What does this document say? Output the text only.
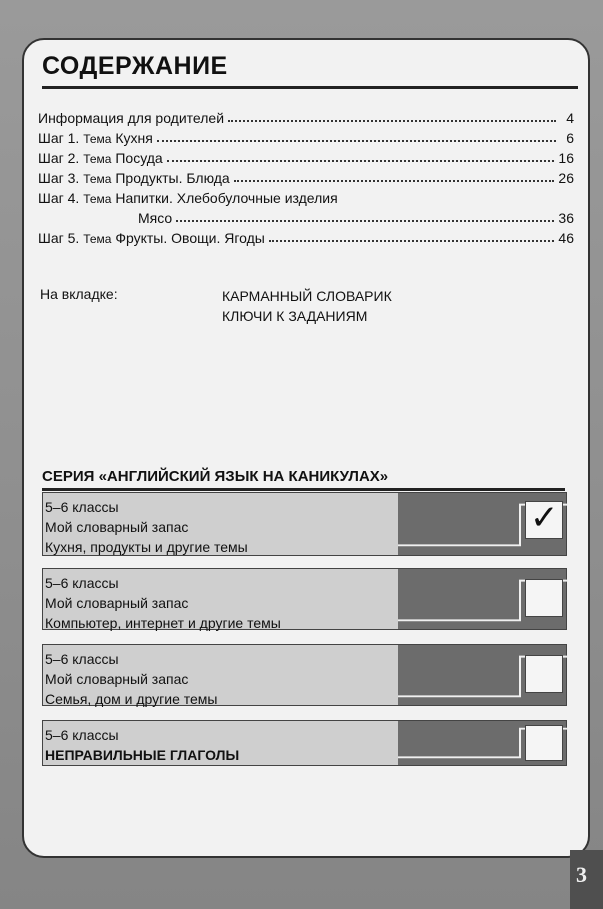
СОДЕРЖАНИЕ
Информация для родителей	4
Шаг 1. Тема Кухня	6
Шаг 2. Тема Посуда	16
Шаг 3. Тема Продукты. Блюда	26
Шаг 4. Тема Напитки. Хлебобулочные изделия
Мясо	36
Шаг 5. Тема Фрукты. Овощи. Ягоды	46
На вкладке:	КАРМАННЫЙ СЛОВАРИК
КЛЮЧИ К ЗАДАНИЯМ
СЕРИЯ «АНГЛИЙСКИЙ ЯЗЫК НА КАНИКУЛАХ»
5–6 классы
Мой словарный запас
Кухня, продукты и другие темы
✓
5–6 классы
Мой словарный запас
Компьютер, интернет и другие темы
5–6 классы
Мой словарный запас
Семья, дом и другие темы
5–6 классы
НЕПРАВИЛЬНЫЕ ГЛАГОЛЫ
3
